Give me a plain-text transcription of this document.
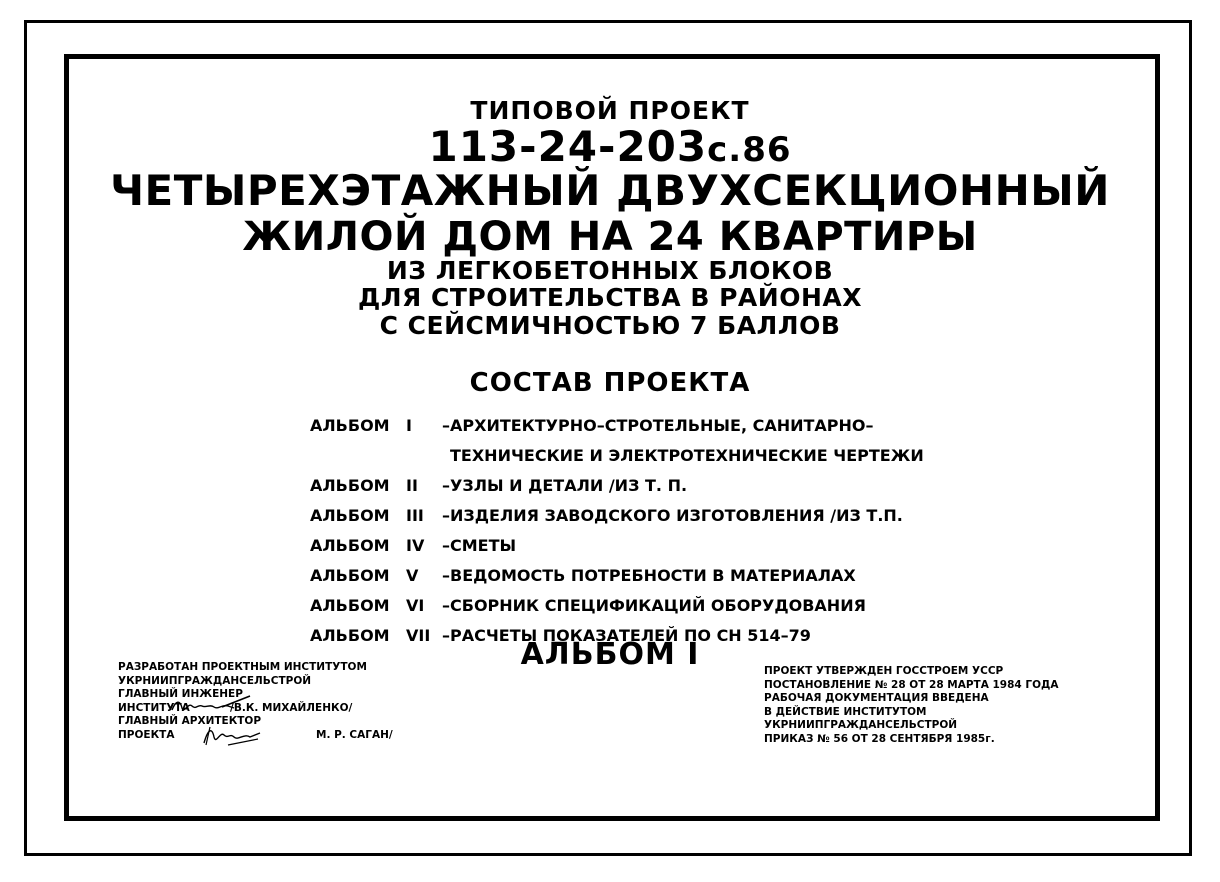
ТИПОВОЙ ПРОЕКТ
113-24-203с.86
ЧЕТЫРЕХЭТАЖНЫЙ ДВУХСЕКЦИОННЫЙ
ЖИЛОЙ ДОМ НА 24 КВАРТИРЫ
ИЗ ЛЕГКОБЕТОННЫХ БЛОКОВ
ДЛЯ СТРОИТЕЛЬСТВА В РАЙОНАХ
С СЕЙСМИЧНОСТЬЮ 7 БАЛЛОВ
СОСТАВ ПРОЕКТА
АЛЬБОМ	I	–АРХИТЕКТУРНО–СТРОТЕЛЬНЫЕ, САНИТАРНО–
ТЕХНИЧЕСКИЕ И ЭЛЕКТРОТЕХНИЧЕСКИЕ ЧЕРТЕЖИ
АЛЬБОМ	II	–УЗЛЫ И ДЕТАЛИ /ИЗ Т. П.
АЛЬБОМ	III	–ИЗДЕЛИЯ ЗАВОДСКОГО ИЗГОТОВЛЕНИЯ /ИЗ Т.П.
АЛЬБОМ	IV	–СМЕТЫ
АЛЬБОМ	V	–ВЕДОМОСТЬ ПОТРЕБНОСТИ В МАТЕРИАЛАХ
АЛЬБОМ	VI	–СБОРНИК СПЕЦИФИКАЦИЙ ОБОРУДОВАНИЯ
АЛЬБОМ	VII –РАСЧЕТЫ ПОКАЗАТЕЛЕЙ ПО СН 514–79
АЛЬБОМ I
РАЗРАБОТАН ПРОЕКТНЫМ ИНСТИТУТОМ
УКРНИИПГРАЖДАНСЕЛЬСТРОЙ
ГЛАВНЫЙ ИНЖЕНЕР
ИНСТИТУТА	/В.К. МИХАЙЛЕНКО/
ГЛАВНЫЙ АРХИТЕКТОР
ПРОЕКТА	М. Р. САГАН/
ПРОЕКТ УТВЕРЖДЕН ГОССТРОЕМ УССР
ПОСТАНОВЛЕНИЕ № 28 ОТ 28 МАРТА 1984 ГОДА
РАБОЧАЯ ДОКУМЕНТАЦИЯ ВВЕДЕНА
В ДЕЙСТВИЕ ИНСТИТУТОМ
УКРНИИПГРАЖДАНСЕЛЬСТРОЙ
ПРИКАЗ № 56 ОТ 28 СЕНТЯБРЯ 1985г.
